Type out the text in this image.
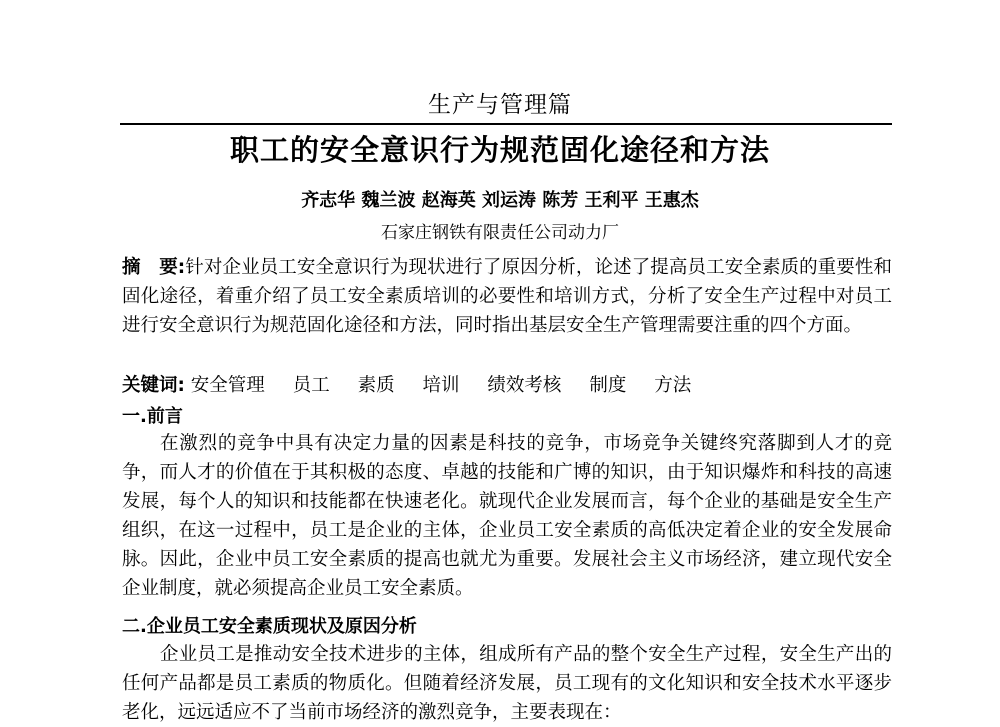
生产与管理篇
职工的安全意识行为规范固化途径和方法
齐志华 魏兰波 赵海英 刘运涛 陈芳 王利平 王惠杰
石家庄钢铁有限责任公司动力厂
摘　要:针对企业员工安全意识行为现状进行了原因分析，论述了提高员工安全素质的重要性和固化途径，着重介绍了员工安全素质培训的必要性和培训方式，分析了安全生产过程中对员工进行安全意识行为规范固化途径和方法，同时指出基层安全生产管理需要注重的四个方面。
关键词: 安全管理 员工 素质 培训 绩效考核 制度 方法
一.前言
在激烈的竞争中具有决定力量的因素是科技的竞争，市场竞争关键终究落脚到人才的竞争，而人才的价值在于其积极的态度、卓越的技能和广博的知识，由于知识爆炸和科技的高速发展，每个人的知识和技能都在快速老化。就现代企业发展而言，每个企业的基础是安全生产组织，在这一过程中，员工是企业的主体，企业员工安全素质的高低决定着企业的安全发展命脉。因此，企业中员工安全素质的提高也就尤为重要。发展社会主义市场经济，建立现代安全企业制度，就必须提高企业员工安全素质。
二.企业员工安全素质现状及原因分析
企业员工是推动安全技术进步的主体，组成所有产品的整个安全生产过程，安全生产出的任何产品都是员工素质的物质化。但随着经济发展，员工现有的文化知识和安全技术水平逐步老化，远远适应不了当前市场经济的激烈竞争，主要表现在：
